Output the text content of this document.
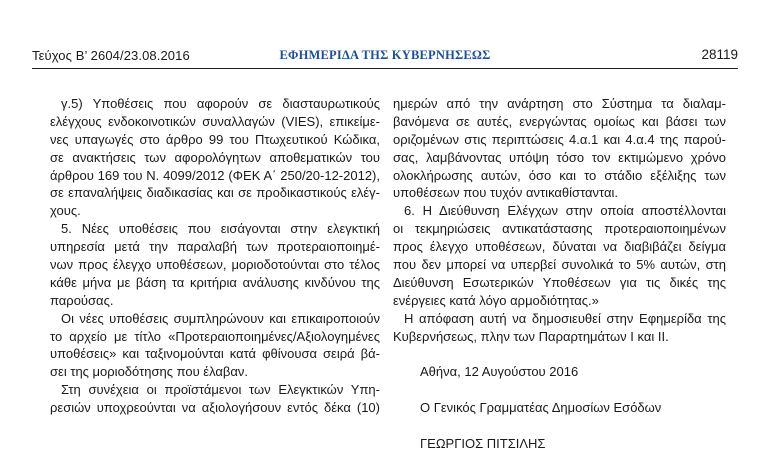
Τεύχος Β’ 2604/23.08.2016	ΕΦΗΜΕΡΙΔΑ ΤΗΣ ΚΥΒΕΡΝΗΣΕΩΣ	28119
γ.5) Υποθέσεις που αφορούν σε διασταυρωτικούς
ελέγχους ενδοκοινοτικών συναλλαγών (VIES), επικείμε-
νες υπαγωγές στο άρθρο 99 του Πτωχευτικού Κώδικα,
σε ανακτήσεις των αφορολόγητων αποθεματικών του
άρθρου 169 του Ν. 4099/2012 (ΦΕΚ Α΄ 250/20-12-2012),
σε επαναλήψεις διαδικασίας και σε προδικαστικούς ελέγ-
χους.
5. Νέες υποθέσεις που εισάγονται στην ελεγκτική
υπηρεσία μετά την παραλαβή των προτεραιοποιημέ-
νων προς έλεγχο υποθέσεων, μοριοδοτούνται στο τέλος
κάθε μήνα με βάση τα κριτήρια ανάλυσης κινδύνου της
παρούσας.
Οι νέες υποθέσεις συμπληρώνουν και επικαιροποιούν
το αρχείο με τίτλο «Προτεραιοποιημένες/Αξιολογημένες
υποθέσεις» και ταξινομούνται κατά φθίνουσα σειρά βά-
σει της μοριοδότησης που έλαβαν.
Στη συνέχεια οι προϊστάμενοι των Ελεγκτικών Υπη-
ρεσιών υποχρεούνται να αξιολογήσουν εντός δέκα (10)
ημερών από την ανάρτηση στο Σύστημα τα διαλαμ-
βανόμενα σε αυτές, ενεργώντας ομοίως και βάσει των
οριζομένων στις περιπτώσεις 4.α.1 και 4.α.4 της παρού-
σας, λαμβάνοντας υπόψη τόσο τον εκτιμώμενο χρόνο
ολοκλήρωσης αυτών, όσο και το στάδιο εξέλιξης των
υποθέσεων που τυχόν αντικαθίστανται.
6. Η Διεύθυνση Ελέγχων στην οποία αποστέλλονται
οι τεκμηριώσεις αντικατάστασης προτεραιοποιημένων
προς έλεγχο υποθέσεων, δύναται να διαβιβάζει δείγμα
που δεν μπορεί να υπερβεί συνολικά το 5% αυτών, στη
Διεύθυνση Εσωτερικών Υποθέσεων για τις δικές της
ενέργειες κατά λόγο αρμοδιότητας.»
Η απόφαση αυτή να δημοσιευθεί στην Εφημερίδα της
Κυβερνήσεως, πλην των Παραρτημάτων I και II.
Αθήνα, 12 Αυγούστου 2016
Ο Γενικός Γραμματέας Δημοσίων Εσόδων
ΓΕΩΡΓΙΟΣ ΠΙΤΣΙΛΗΣ
